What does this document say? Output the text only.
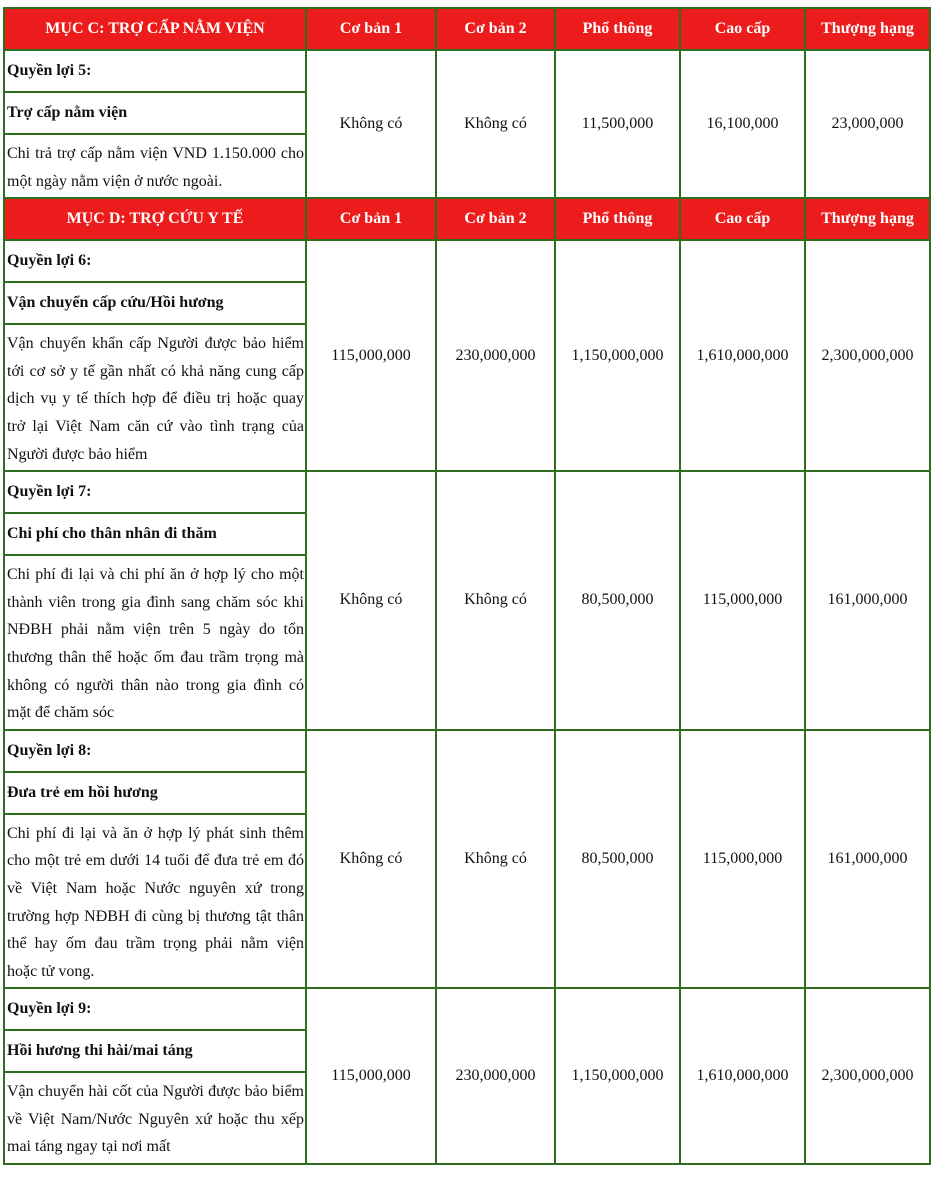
MỤC C: TRỢ CẤP NẰM VIỆN	Cơ bản 1	Cơ bản 2	Phổ thông	Cao cấp	Thượng hạng

Quyền lợi 5:
Trợ cấp nằm viện
Chi trả trợ cấp nằm viện VND 1.150.000 cho một ngày nằm viện ở nước ngoài.	Không có	Không có	11,500,000	16,100,000	23,000,000
MỤC D: TRỢ CỨU Y TẾ	Cơ bản 1	Cơ bản 2	Phổ thông	Cao cấp	Thượng hạng

Quyền lợi 6:
Vận chuyển cấp cứu/Hồi hương
Vận chuyển khẩn cấp Người được bảo hiểm tới cơ sở y tế gần nhất có khả năng cung cấp dịch vụ y tế thích hợp để điều trị hoặc quay trở lại Việt Nam căn cứ vào tình trạng của Người được bảo hiểm	115,000,000	230,000,000	1,150,000,000	1,610,000,000	2,300,000,000

Quyền lợi 7:
Chi phí cho thân nhân đi thăm
Chi phí đi lại và chi phí ăn ở hợp lý cho một thành viên trong gia đình sang chăm sóc khi NĐBH phải nằm viện trên 5 ngày do tổn thương thân thể hoặc ốm đau trầm trọng mà không có người thân nào trong gia đình có mặt để chăm sóc	Không có	Không có	80,500,000	115,000,000	161,000,000

Quyền lợi 8:
Đưa trẻ em hồi hương
Chi phí đi lại và ăn ở hợp lý phát sinh thêm cho một trẻ em dưới 14 tuổi để đưa trẻ em đó về Việt Nam hoặc Nước nguyên xứ trong trường hợp NĐBH đi cùng bị thương tật thân thể hay ốm đau trầm trọng phải nằm viện hoặc tử vong.	Không có	Không có	80,500,000	115,000,000	161,000,000

Quyền lợi 9:
Hồi hương thi hài/mai táng
Vận chuyển hài cốt của Người được bảo biểm về Việt Nam/Nước Nguyên xứ hoặc thu xếp mai táng ngay tại nơi mất	115,000,000	230,000,000	1,150,000,000	1,610,000,000	2,300,000,000
